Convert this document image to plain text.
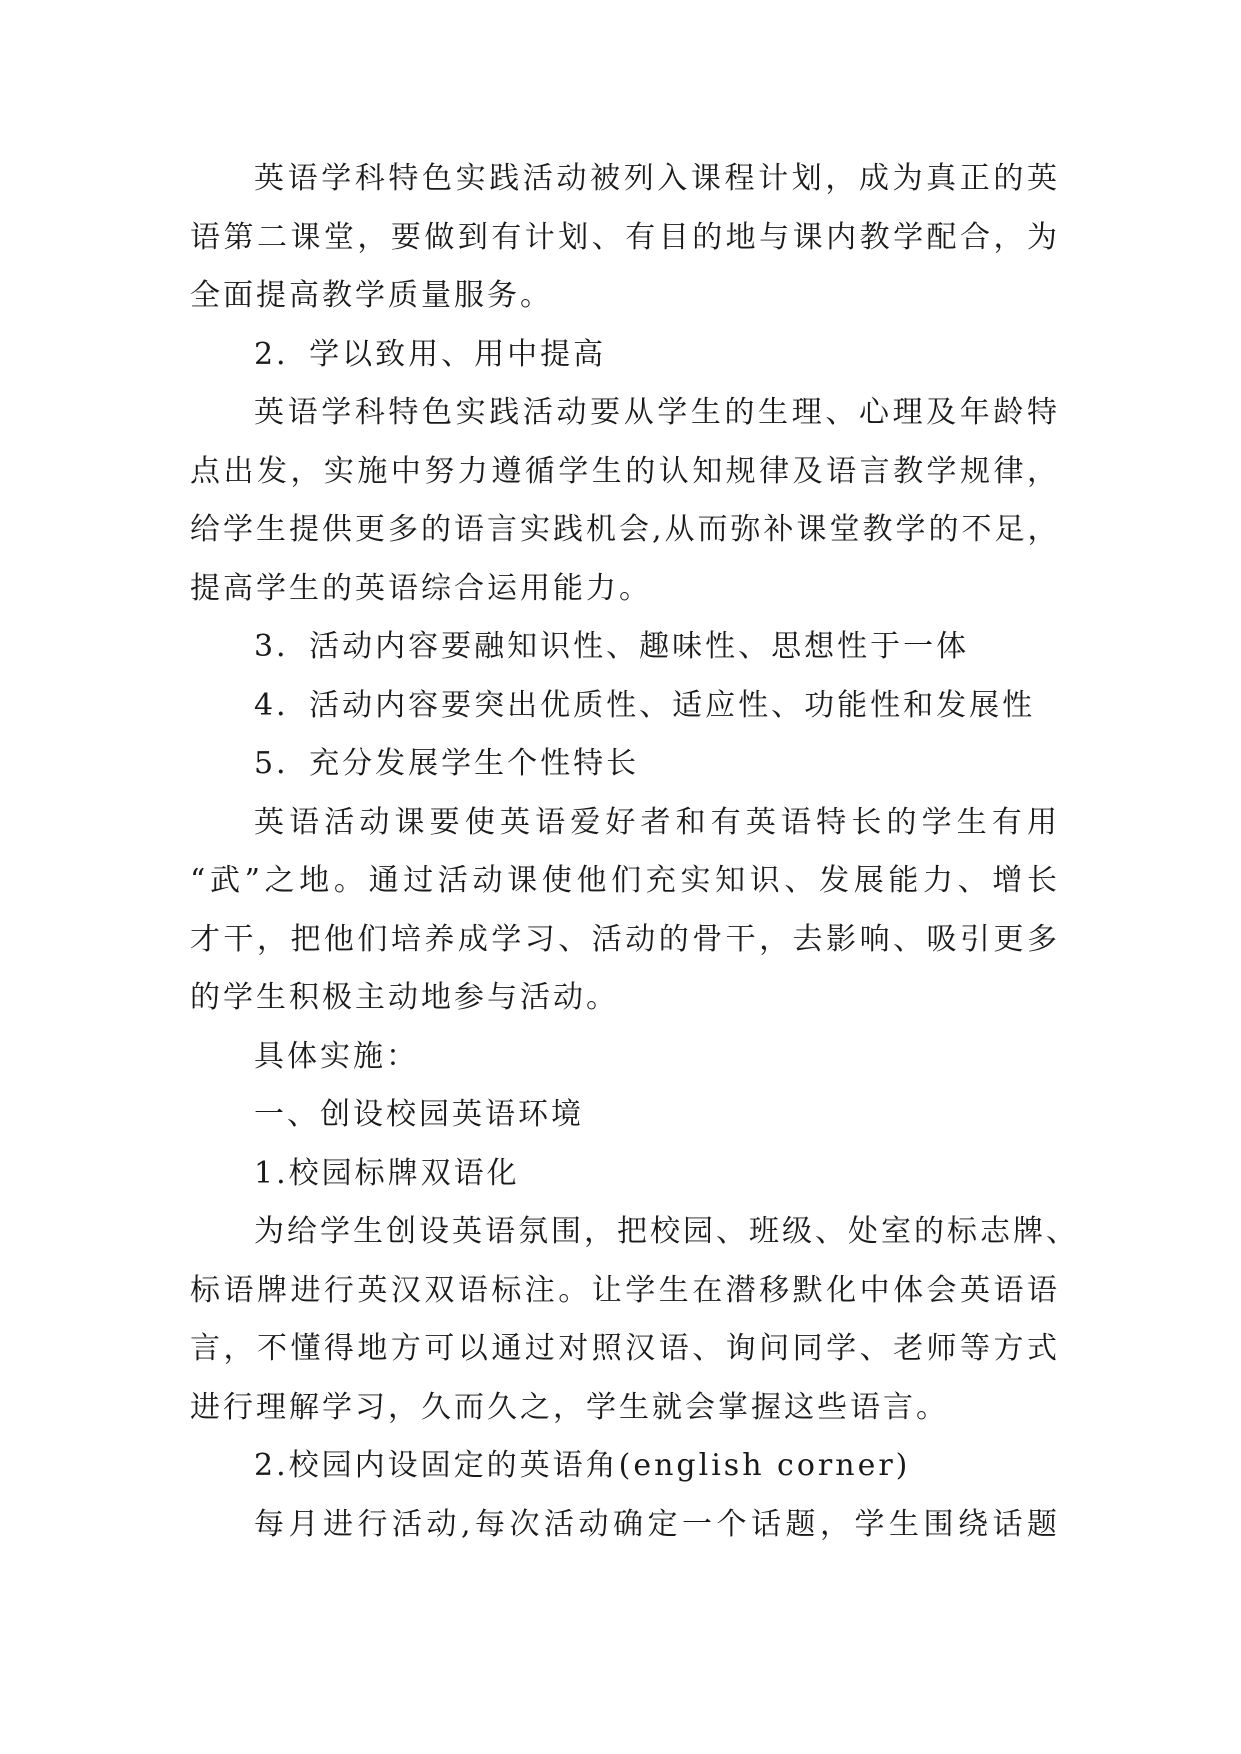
英语学科特色实践活动被列入课程计划，成为真正的英
语第二课堂，要做到有计划、有目的地与课内教学配合，为
全面提高教学质量服务。
2．学以致用、用中提高
英语学科特色实践活动要从学生的生理、心理及年龄特
点出发，实施中努力遵循学生的认知规律及语言教学规律，
给学生提供更多的语言实践机会,从而弥补课堂教学的不足，
提高学生的英语综合运用能力。
3．活动内容要融知识性、趣味性、思想性于一体
4．活动内容要突出优质性、适应性、功能性和发展性
5．充分发展学生个性特长
英语活动课要使英语爱好者和有英语特长的学生有用
“武”之地。通过活动课使他们充实知识、发展能力、增长
才干，把他们培养成学习、活动的骨干，去影响、吸引更多
的学生积极主动地参与活动。
具体实施：
一、创设校园英语环境
1.校园标牌双语化
为给学生创设英语氛围，把校园、班级、处室的标志牌、
标语牌进行英汉双语标注。让学生在潜移默化中体会英语语
言，不懂得地方可以通过对照汉语、询问同学、老师等方式
进行理解学习，久而久之，学生就会掌握这些语言。
2.校园内设固定的英语角(english corner)
每月进行活动,每次活动确定一个话题，学生围绕话题
